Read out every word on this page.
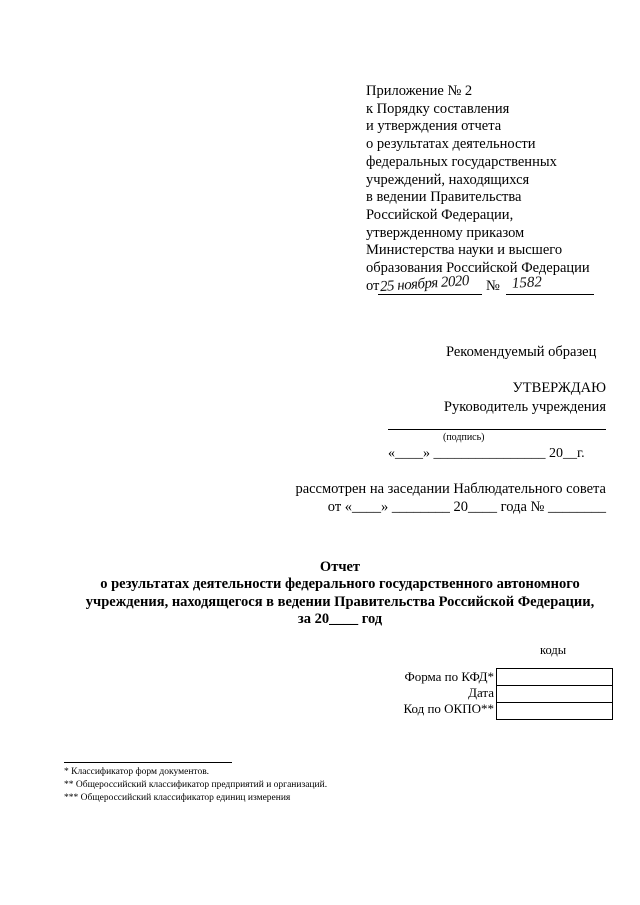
Приложение № 2
к Порядку составления
и утверждения отчета
о результатах деятельности
федеральных государственных
учреждений, находящихся
в ведении Правительства
Российской Федерации,
утвержденному приказом
Министерства науки и высшего
образования Российской Федерации
от 25 ноября 2020 № 1582
Рекомендуемый образец
УТВЕРЖДАЮ
Руководитель учреждения
(подпись)
«____» ________________ 20__г.
рассмотрен на заседании Наблюдательного совета
от «____» ________ 20____ года № ________
Отчет
о результатах деятельности федерального государственного автономного
учреждения, находящегося в ведении Правительства Российской Федерации,
за 20____ год
коды
Форма по КФД*
Дата
Код по ОКПО**
* Классификатор форм документов.
** Общероссийский классификатор предприятий и организаций.
*** Общероссийский классификатор единиц измерения
